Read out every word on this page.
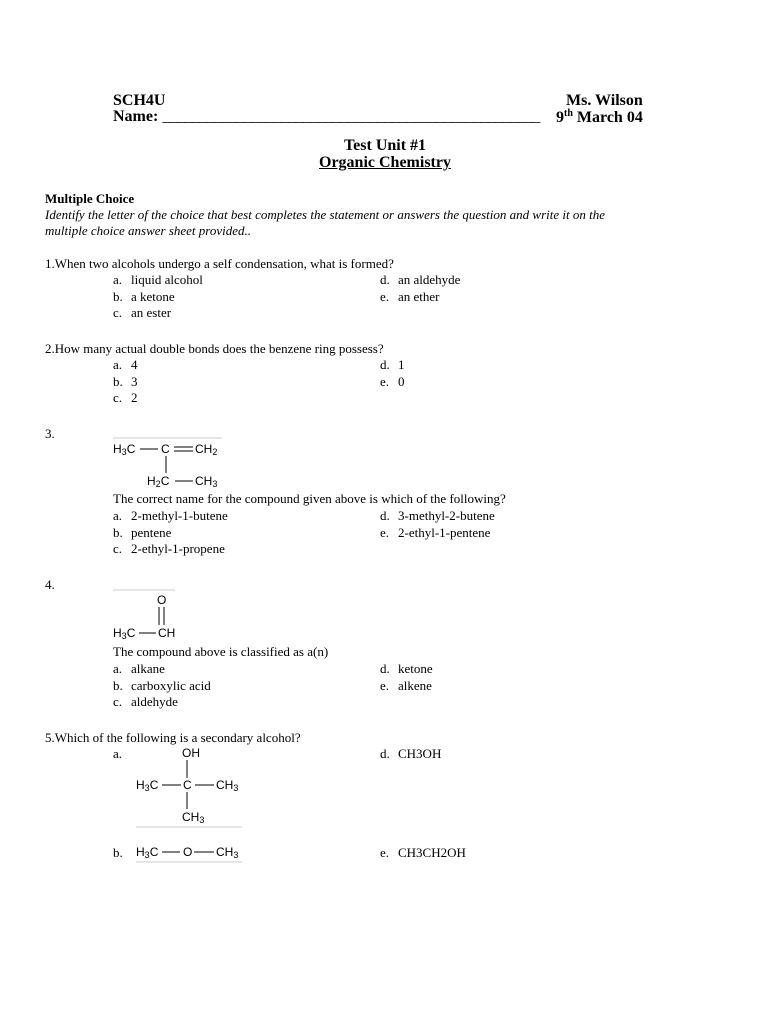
SCH4U
Name: ___________________________________________________
Ms. Wilson
9th March 04
Test Unit #1
Organic Chemistry
Multiple Choice
Identify the letter of the choice that best completes the statement or answers the question and write it on the
multiple choice answer sheet provided..
1.When two alcohols undergo a self condensation, what is formed?
a. liquid alcohol
b. a ketone
c. an ester
d. an aldehyde
e. an ether
2.How many actual double bonds does the benzene ring possess?
a. 4
b. 3
c. 2
d. 1
e. 0
3.
$H_3C$ C $CH_2$
$H_2C$ $CH_3$
The correct name for the compound given above is which of the following?
a. 2-methyl-1-butene
b. pentene
c. 2-ethyl-1-propene
d. 3-methyl-2-butene
e. 2-ethyl-1-pentene
4.
O
$H_3C$ CH
The compound above is classified as a(n)
a. alkane
b. carboxylic acid
c. aldehyde
d. ketone
e. alkene
5.Which of the following is a secondary alcohol?
a.	OH
$H_3C$ C $CH_3$
$CH_3$
d. CH3OH
b. $H_3C$ O $CH_3$	e. CH3CH2OH
